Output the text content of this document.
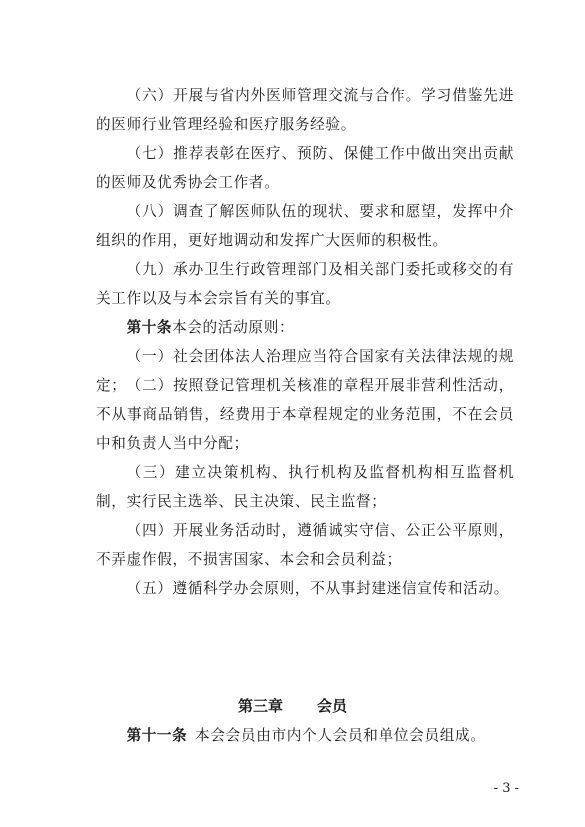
（六）开展与省内外医师管理交流与合作。学习借鉴先进的医师行业管理经验和医疗服务经验。

（七）推荐表彰在医疗、预防、保健工作中做出突出贡献的医师及优秀协会工作者。

（八）调查了解医师队伍的现状、要求和愿望，发挥中介组织的作用，更好地调动和发挥广大医师的积极性。

（九）承办卫生行政管理部门及相关部门委托或移交的有关工作以及与本会宗旨有关的事宜。

第十条本会的活动原则：

（一）社会团体法人治理应当符合国家有关法律法规的规定； （二）按照登记管理机关核准的章程开展非营利性活动，不从事商品销售，经费用于本章程规定的业务范围，不在会员中和负责人当中分配；

（三）建立决策机构、执行机构及监督机构相互监督机制，实行民主选举、民主决策、民主监督；

（四）开展业务活动时，遵循诚实守信、公正公平原则，不弄虚作假，不损害国家、本会和会员利益；

（五）遵循科学办会原则，不从事封建迷信宣传和活动。

第三章 会员

第十一条 本会会员由市内个人会员和单位会员组成。

- 3 -
